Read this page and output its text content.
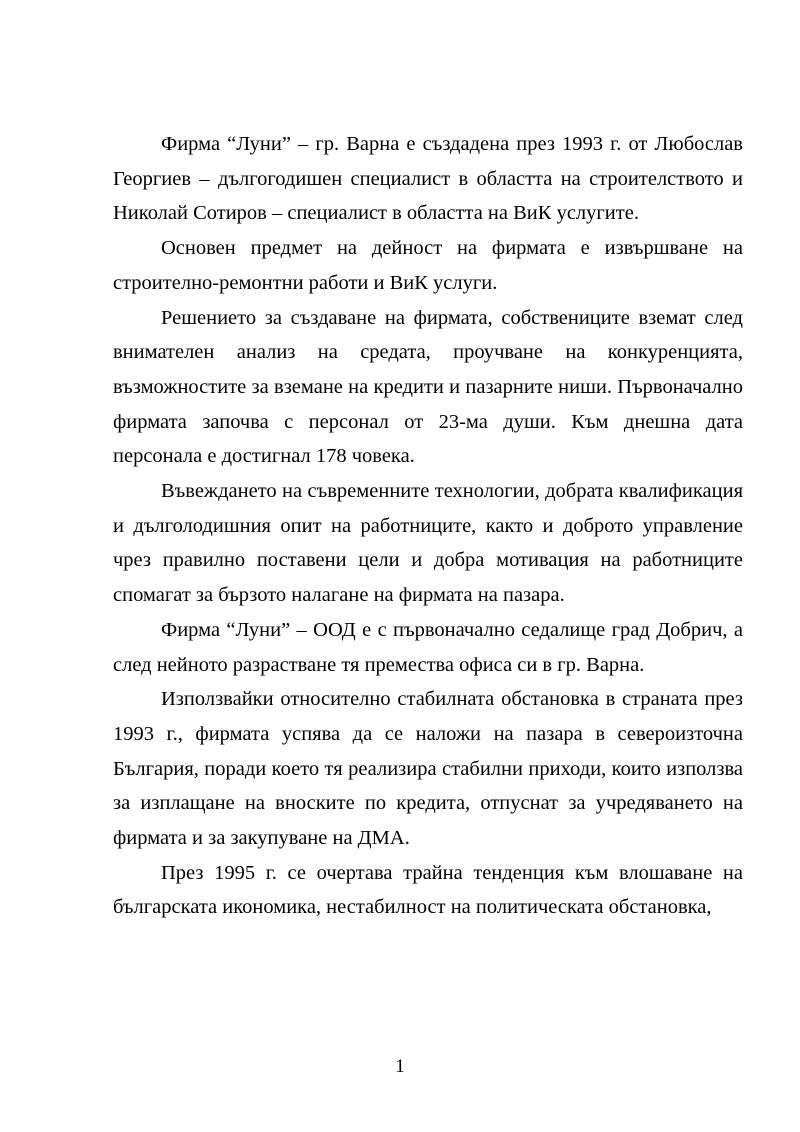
Фирма “Луни” – гр. Варна е създадена през 1993 г. от Любослав Георгиев – дългогодишен специалист в областта на строителството и Николай Сотиров – специалист в областта на ВиК услугите.

Основен предмет на дейност на фирмата е извършване на строително-ремонтни работи и ВиК услуги.

Решението за създаване на фирмата, собствениците вземат след внимателен анализ на средата, проучване на конкуренцията, възможностите за вземане на кредити и пазарните ниши. Първоначално фирмата започва с персонал от 23-ма души. Към днешна дата персонала е достигнал 178 човека.

Въвеждането на съвременните технологии, добрата квалификация и дълголодишния опит на работниците, както и доброто управление чрез правилно поставени цели и добра мотивация на работниците спомагат за бързото налагане на фирмата на пазара.

Фирма “Луни” – ООД е с първоначално седалище град Добрич, а след нейното разрастване тя премества офиса си в гр. Варна.

Използвайки относително стабилната обстановка в страната през 1993 г., фирмата успява да се наложи на пазара в североизточна България, поради което тя реализира стабилни приходи, които използва за изплащане на вноските по кредита, отпуснат за учредяването на фирмата и за закупуване на ДМА.

През 1995 г. се очертава трайна тенденция към влошаване на българската икономика, нестабилност на политическата обстановка,

1
